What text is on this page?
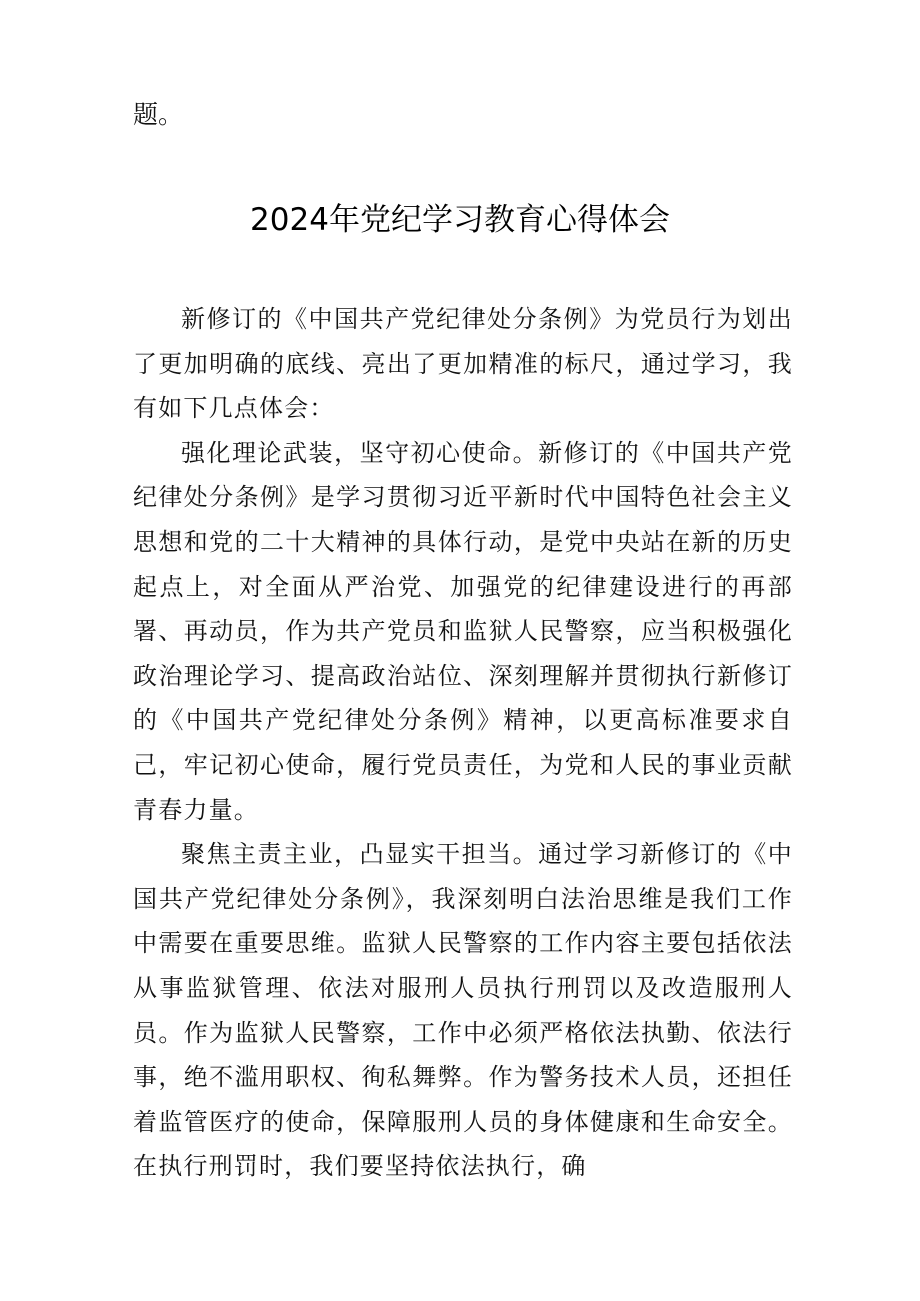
题。

2024年党纪学习教育心得体会

新修订的《中国共产党纪律处分条例》为党员行为划出了更加明确的底线、亮出了更加精准的标尺，通过学习，我有如下几点体会：

强化理论武装，坚守初心使命。新修订的《中国共产党纪律处分条例》是学习贯彻习近平新时代中国特色社会主义思想和党的二十大精神的具体行动，是党中央站在新的历史起点上，对全面从严治党、加强党的纪律建设进行的再部署、再动员，作为共产党员和监狱人民警察，应当积极强化政治理论学习、提高政治站位、深刻理解并贯彻执行新修订的《中国共产党纪律处分条例》精神，以更高标准要求自己，牢记初心使命，履行党员责任，为党和人民的事业贡献青春力量。

聚焦主责主业，凸显实干担当。通过学习新修订的《中国共产党纪律处分条例》，我深刻明白法治思维是我们工作中需要在重要思维。监狱人民警察的工作内容主要包括依法从事监狱管理、依法对服刑人员执行刑罚以及改造服刑人员。作为监狱人民警察，工作中必须严格依法执勤、依法行事，绝不滥用职权、徇私舞弊。作为警务技术人员，还担任着监管医疗的使命，保障服刑人员的身体健康和生命安全。在执行刑罚时，我们要坚持依法执行，确
